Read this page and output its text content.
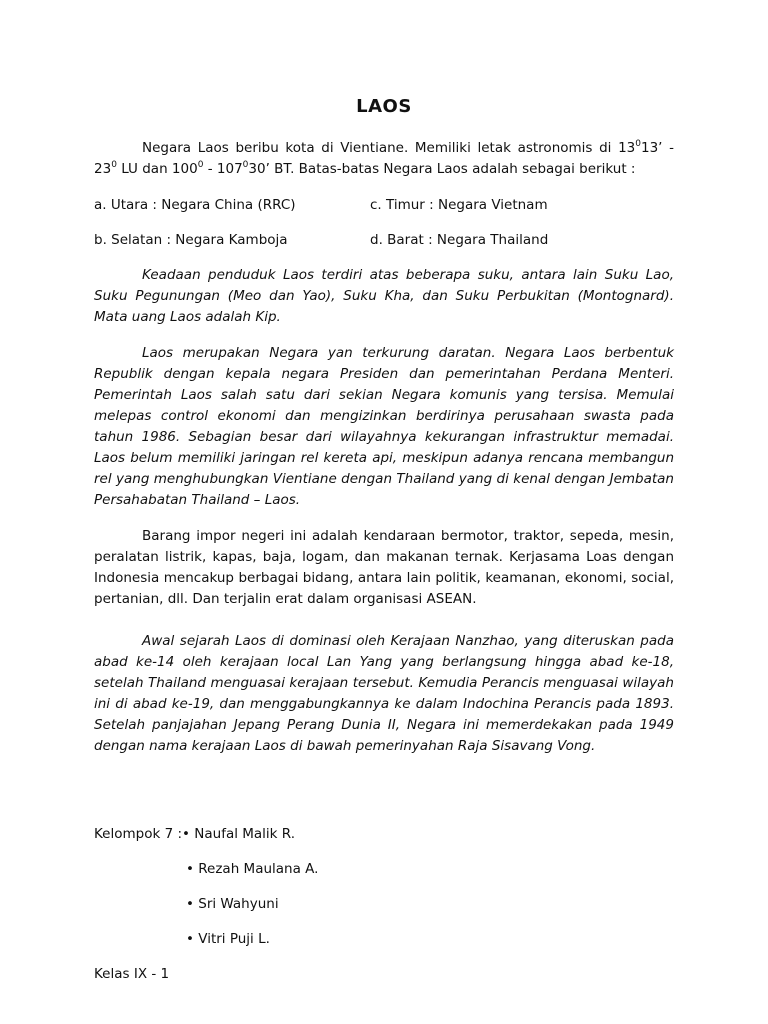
LAOS
Negara Laos beribu kota di Vientiane. Memiliki letak astronomis di $13^013$’ - $23^0$ LU dan $100^0 - 107^030$’ BT. Batas-batas Negara Laos adalah sebagai berikut :
a. Utara : Negara China (RRC)	c. Timur : Negara Vietnam
b. Selatan : Negara Kamboja	d. Barat : Negara Thailand
Keadaan penduduk Laos terdiri atas beberapa suku, antara lain Suku Lao, Suku Pegunungan (Meo dan Yao), Suku Kha, dan Suku Perbukitan (Montognard). Mata uang Laos adalah Kip.
Laos merupakan Negara yan terkurung daratan. Negara Laos berbentuk Republik dengan kepala negara Presiden dan pemerintahan Perdana Menteri. Pemerintah Laos salah satu dari sekian Negara komunis yang tersisa. Memulai melepas control ekonomi dan mengizinkan berdirinya perusahaan swasta pada tahun 1986. Sebagian besar dari wilayahnya kekurangan infrastruktur memadai. Laos belum memiliki jaringan rel kereta api, meskipun adanya rencana membangun rel yang menghubungkan Vientiane dengan Thailand yang di kenal dengan Jembatan Persahabatan Thailand – Laos.
Barang impor negeri ini adalah kendaraan bermotor, traktor, sepeda, mesin, peralatan listrik, kapas, baja, logam, dan makanan ternak. Kerjasama Loas dengan Indonesia mencakup berbagai bidang, antara lain politik, keamanan, ekonomi, social, pertanian, dll. Dan terjalin erat dalam organisasi ASEAN.
Awal sejarah Laos di dominasi oleh Kerajaan Nanzhao, yang diteruskan pada abad ke-14 oleh kerajaan local Lan Yang yang berlangsung hingga abad ke-18, setelah Thailand menguasai kerajaan tersebut. Kemudia Perancis menguasai wilayah ini di abad ke-19, dan menggabungkannya ke dalam Indochina Perancis pada 1893. Setelah panjajahan Jepang Perang Dunia II, Negara ini memerdekakan pada 1949 dengan nama kerajaan Laos di bawah pemerinyahan Raja Sisavang Vong.
Kelompok 7 :• Naufal Malik R.
• Rezah Maulana A.
• Sri Wahyuni
• Vitri Puji L.
Kelas IX - 1
